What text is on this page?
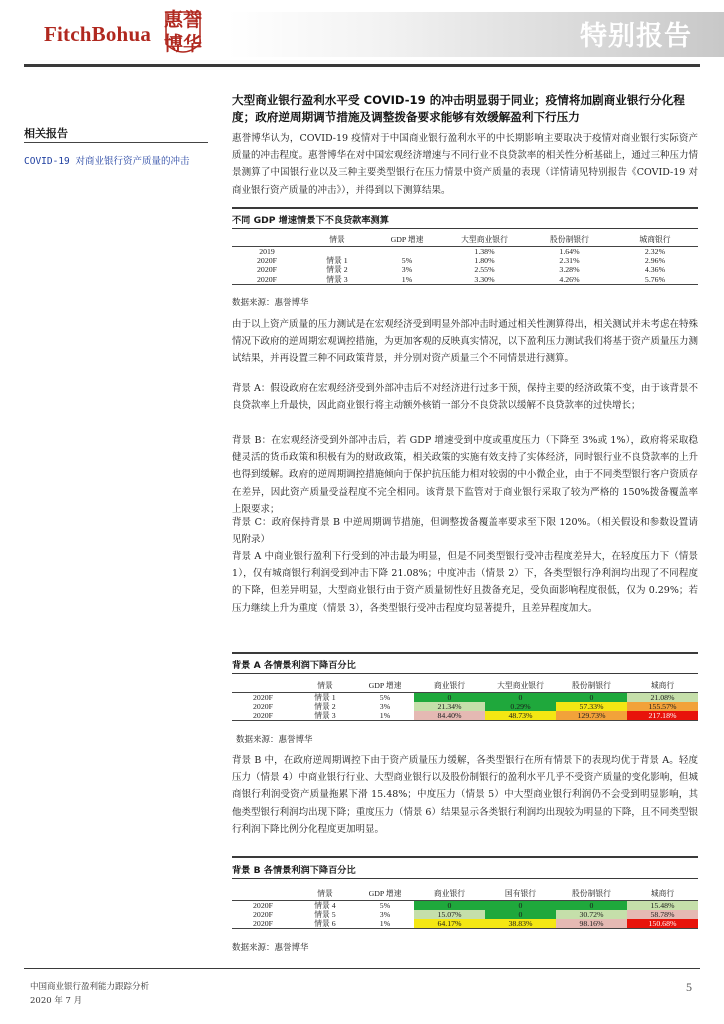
FitchBohua
惠誉
博华	特别报告
相关报告
COVID-19 对商业银行资产质量的冲击
大型商业银行盈利水平受 COVID-19 的冲击明显弱于同业；疫情将加剧商业银行分化程度；政府逆周期调节措施及调整拨备要求能够有效缓解盈利下行压力
惠誉博华认为，COVID-19 疫情对于中国商业银行盈利水平的中长期影响主要取决于疫情对商业银行实际资产质量的冲击程度。惠誉博华在对中国宏观经济增速与不同行业不良贷款率的相关性分析基础上，通过三种压力情景测算了中国银行业以及三种主要类型银行在压力情景中资产质量的表现（详情请见特别报告《COVID-19 对商业银行资产质量的冲击》），并得到以下测算结果。
不同 GDP 增速情景下不良贷款率测算
	情景	GDP 增速	大型商业银行	股份制银行	城商银行
2019			1.38%	1.64%	2.32%
2020F	情景 1	5%	1.80%	2.31%	2.96%
2020F	情景 2	3%	2.55%	3.28%	4.36%
2020F	情景 3	1%	3.30%	4.26%	5.76%
数据来源：惠誉博华
由于以上资产质量的压力测试是在宏观经济受到明显外部冲击时通过相关性测算得出，相关测试并未考虑在特殊情况下政府的逆周期宏观调控措施，为更加客观的反映真实情况，以下盈利压力测试我们将基于资产质量压力测试结果，并再设置三种不同政策背景，并分别对资产质量三个不同情景进行测算。
背景 A：假设政府在宏观经济受到外部冲击后不对经济进行过多干预，保持主要的经济政策不变，由于该背景不良贷款率上升最快，因此商业银行将主动额外核销一部分不良贷款以缓解不良贷款率的过快增长；
背景 B：在宏观经济受到外部冲击后，若 GDP 增速受到中度或重度压力（下降至 3%或 1%），政府将采取稳健灵活的货币政策和积极有为的财政政策，相关政策的实施有效支持了实体经济，同时银行业不良贷款率的上升也得到缓解。政府的逆周期调控措施倾向于保护抗压能力相对较弱的中小微企业，由于不同类型银行客户资质存在差异，因此资产质量受益程度不完全相同。该背景下监管对于商业银行采取了较为严格的 150%拨备覆盖率上限要求；
背景 C：政府保持背景 B 中逆周期调节措施，但调整拨备覆盖率要求至下限 120%。（相关假设和参数设置请见附录）
背景 A 中商业银行盈利下行受到的冲击最为明显，但是不同类型银行受冲击程度差异大，在轻度压力下（情景 1），仅有城商银行利润受到冲击下降 21.08%；中度冲击（情景 2）下，各类型银行净利润均出现了不同程度的下降，但差异明显，大型商业银行由于资产质量韧性好且拨备充足，受负面影响程度很低，仅为 0.29%；若压力继续上升为重度（情景 3），各类型银行受冲击程度均显著提升，且差异程度加大。
背景 A 各情景利润下降百分比
	情景	GDP 增速	商业银行	大型商业银行	股份制银行	城商行
2020F	情景 1	5%	0	0	0	21.08%
2020F	情景 2	3%	21.34%	0.29%	57.33%	155.57%
2020F	情景 3	1%	84.40%	48.73%	129.73%	217.18%
数据来源：惠誉博华
背景 B 中，在政府逆周期调控下由于资产质量压力缓解，各类型银行在所有情景下的表现均优于背景 A。轻度压力（情景 4）中商业银行行业、大型商业银行以及股份制银行的盈利水平几乎不受资产质量的变化影响，但城商银行利润受资产质量拖累下滑 15.48%；中度压力（情景 5）中大型商业银行利润仍不会受到明显影响，其他类型银行利润均出现下降；重度压力（情景 6）结果显示各类银行利润均出现较为明显的下降，且不同类型银行利润下降比例分化程度更加明显。
背景 B 各情景利润下降百分比
	情景	GDP 增速	商业银行	国有银行	股份制银行	城商行
2020F	情景 4	5%	0	0	0	15.48%
2020F	情景 5	3%	15.07%	0	30.72%	58.78%
2020F	情景 6	1%	64.17%	38.83%	98.16%	150.68%
数据来源：惠誉博华
中国商业银行盈利能力跟踪分析
2020 年 7 月
5
